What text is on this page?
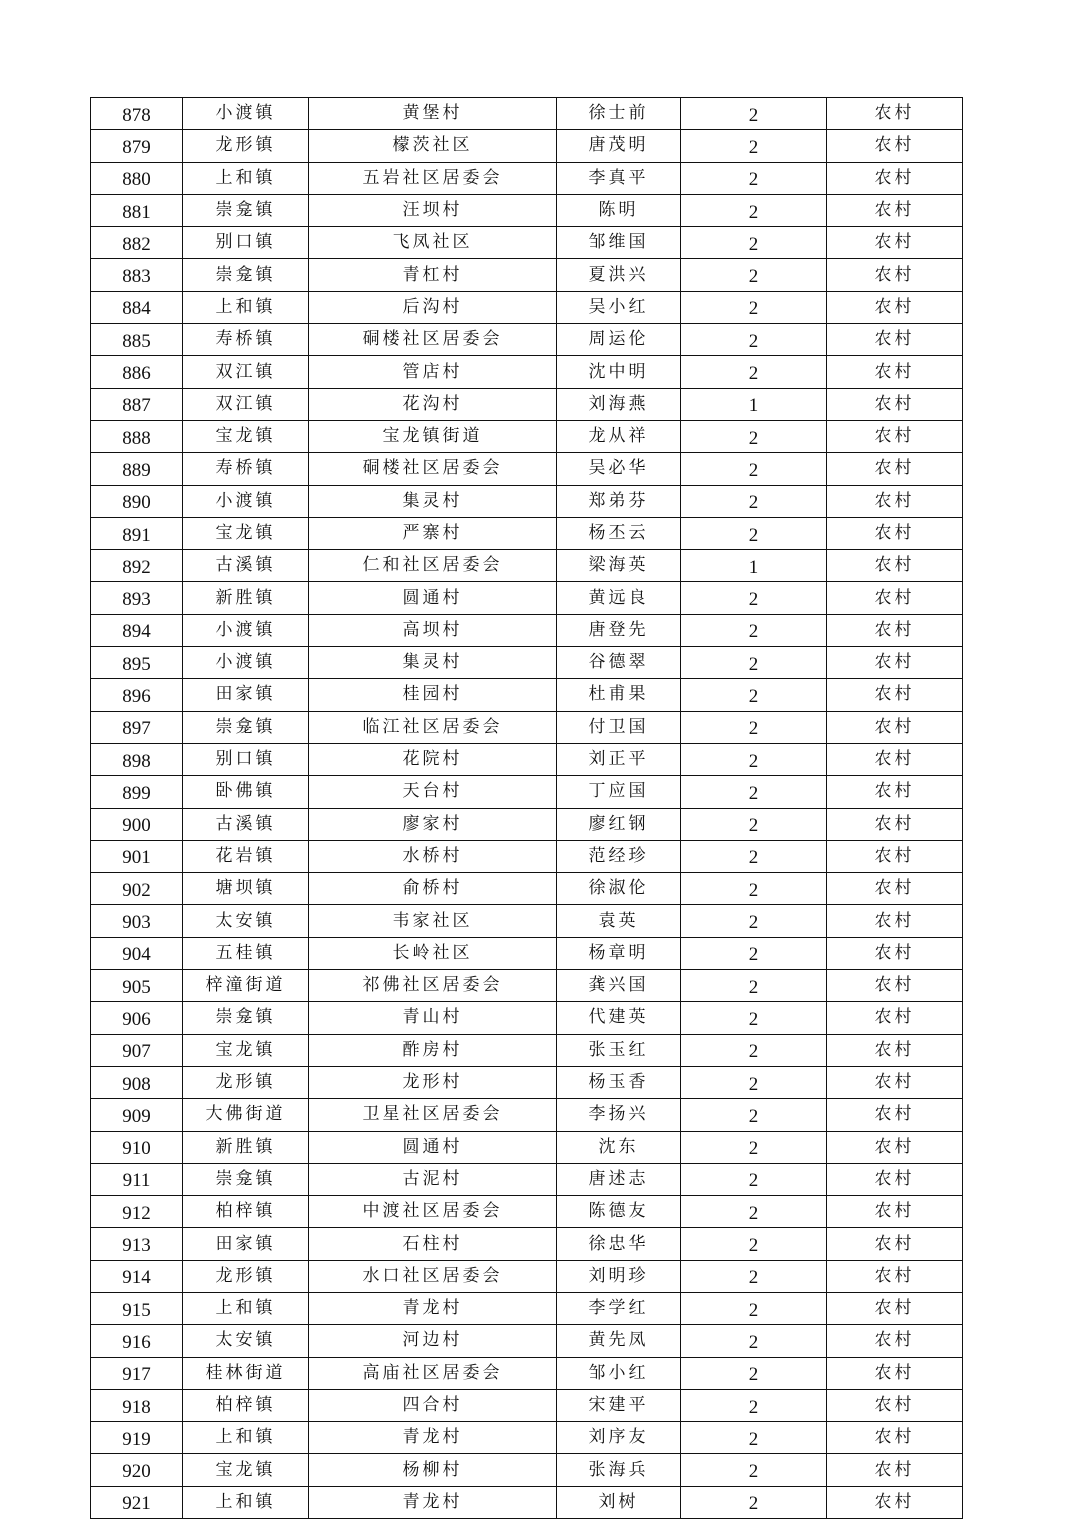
878	小渡镇	黄堡村	徐士前	2	农村
879	龙形镇	檬茨社区	唐茂明	2	农村
880	上和镇	五岩社区居委会	李真平	2	农村
881	崇龛镇	汪坝村	陈明	2	农村
882	别口镇	飞凤社区	邹维国	2	农村
883	崇龛镇	青杠村	夏洪兴	2	农村
884	上和镇	后沟村	吴小红	2	农村
885	寿桥镇	硐楼社区居委会	周运伦	2	农村
886	双江镇	管店村	沈中明	2	农村
887	双江镇	花沟村	刘海燕	1	农村
888	宝龙镇	宝龙镇街道	龙从祥	2	农村
889	寿桥镇	硐楼社区居委会	吴必华	2	农村
890	小渡镇	集灵村	郑弟芬	2	农村
891	宝龙镇	严寨村	杨丕云	2	农村
892	古溪镇	仁和社区居委会	梁海英	1	农村
893	新胜镇	圆通村	黄远良	2	农村
894	小渡镇	高坝村	唐登先	2	农村
895	小渡镇	集灵村	谷德翠	2	农村
896	田家镇	桂园村	杜甫果	2	农村
897	崇龛镇	临江社区居委会	付卫国	2	农村
898	别口镇	花院村	刘正平	2	农村
899	卧佛镇	天台村	丁应国	2	农村
900	古溪镇	廖家村	廖红钢	2	农村
901	花岩镇	水桥村	范经珍	2	农村
902	塘坝镇	俞桥村	徐淑伦	2	农村
903	太安镇	韦家社区	袁英	2	农村
904	五桂镇	长岭社区	杨章明	2	农村
905	梓潼街道	祁佛社区居委会	龚兴国	2	农村
906	崇龛镇	青山村	代建英	2	农村
907	宝龙镇	酢房村	张玉红	2	农村
908	龙形镇	龙形村	杨玉香	2	农村
909	大佛街道	卫星社区居委会	李扬兴	2	农村
910	新胜镇	圆通村	沈东	2	农村
911	崇龛镇	古泥村	唐述志	2	农村
912	柏梓镇	中渡社区居委会	陈德友	2	农村
913	田家镇	石柱村	徐忠华	2	农村
914	龙形镇	水口社区居委会	刘明珍	2	农村
915	上和镇	青龙村	李学红	2	农村
916	太安镇	河边村	黄先凤	2	农村
917	桂林街道	高庙社区居委会	邹小红	2	农村
918	柏梓镇	四合村	宋建平	2	农村
919	上和镇	青龙村	刘序友	2	农村
920	宝龙镇	杨柳村	张海兵	2	农村
921	上和镇	青龙村	刘树	2	农村
